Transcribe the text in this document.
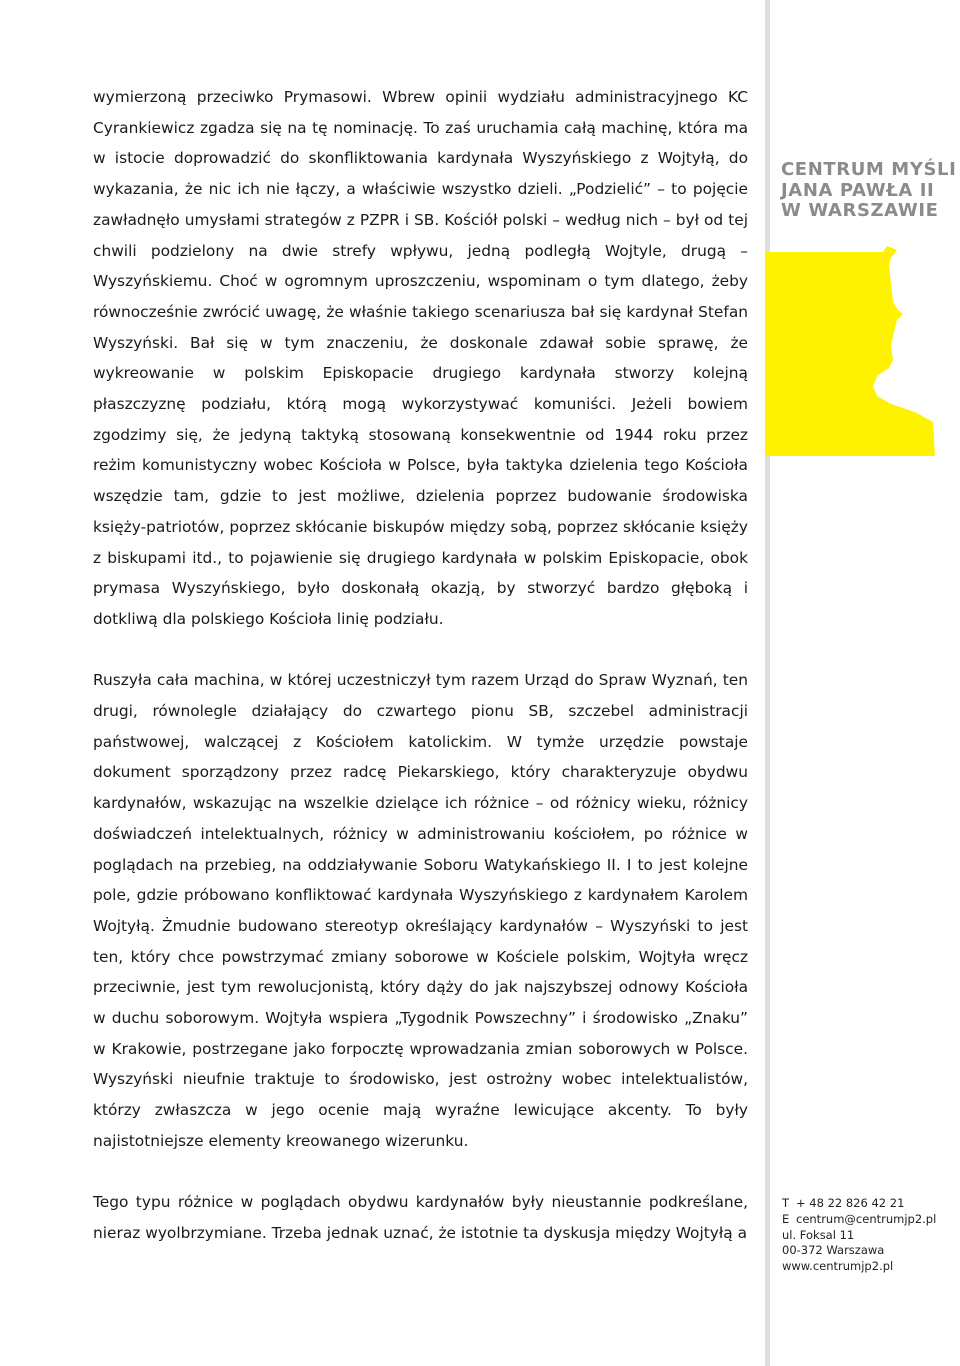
wymierzoną przeciwko Prymasowi. Wbrew opinii wydziału administracyjnego KC Cyrankiewicz zgadza się na tę nominację. To zaś uruchamia całą machinę, która ma w istocie doprowadzić do skonfliktowania kardynała Wyszyńskiego z Wojtyłą, do wykazania, że nic ich nie łączy, a właściwie wszystko dzieli. „Podzielić” – to pojęcie zawładnęło umysłami strategów z PZPR i SB. Kościół polski – według nich – był od tej chwili podzielony na dwie strefy wpływu, jedną podległą Wojtyle, drugą – Wyszyńskiemu. Choć w ogromnym uproszczeniu, wspominam o tym dlatego, żeby równocześnie zwrócić uwagę, że właśnie takiego scenariusza bał się kardynał Stefan Wyszyński. Bał się w tym znaczeniu, że doskonale zdawał sobie sprawę, że wykreowanie w polskim Episkopacie drugiego kardynała stworzy kolejną płaszczyznę podziału, którą mogą wykorzystywać komuniści. Jeżeli bowiem zgodzimy się, że jedyną taktyką stosowaną konsekwentnie od 1944 roku przez reżim komunistyczny wobec Kościoła w Polsce, była taktyka dzielenia tego Kościoła wszędzie tam, gdzie to jest możliwe, dzielenia poprzez budowanie środowiska księży-patriotów, poprzez skłócanie biskupów między sobą, poprzez skłócanie księży z biskupami itd., to pojawienie się drugiego kardynała w polskim Episkopacie, obok prymasa Wyszyńskiego, było doskonałą okazją, by stworzyć bardzo głęboką i dotkliwą dla polskiego Kościoła linię podziału.

Ruszyła cała machina, w której uczestniczył tym razem Urząd do Spraw Wyznań, ten drugi, równolegle działający do czwartego pionu SB, szczebel administracji państwowej, walczącej z Kościołem katolickim. W tymże urzędzie powstaje dokument sporządzony przez radcę Piekarskiego, który charakteryzuje obydwu kardynałów, wskazując na wszelkie dzielące ich różnice – od różnicy wieku, różnicy doświadczeń intelektualnych, różnicy w administrowaniu kościołem, po różnice w poglądach na przebieg, na oddziaływanie Soboru Watykańskiego II. I to jest kolejne pole, gdzie próbowano konfliktować kardynała Wyszyńskiego z kardynałem Karolem Wojtyłą. Żmudnie budowano stereotyp określający kardynałów – Wyszyński to jest ten, który chce powstrzymać zmiany soborowe w Kościele polskim, Wojtyła wręcz przeciwnie, jest tym rewolucjonistą, który dąży do jak najszybszej odnowy Kościoła w duchu soborowym. Wojtyła wspiera „Tygodnik Powszechny” i środowisko „Znaku” w Krakowie, postrzegane jako forpocztę wprowadzania zmian soborowych w Polsce. Wyszyński nieufnie traktuje to środowisko, jest ostrożny wobec intelektualistów, którzy zwłaszcza w jego ocenie mają wyraźne lewicujące akcenty. To były najistotniejsze elementy kreowanego wizerunku.

Tego typu różnice w poglądach obydwu kardynałów były nieustannie podkreślane, nieraz wyolbrzymiane. Trzeba jednak uznać, że istotnie ta dyskusja między Wojtyłą a

CENTRUM MYŚLI
JANA PAWŁA II
W WARSZAWIE
T + 48 22 826 42 21
E centrum@centrumjp2.pl
ul. Foksal 11
00-372 Warszawa
www.centrumjp2.pl
